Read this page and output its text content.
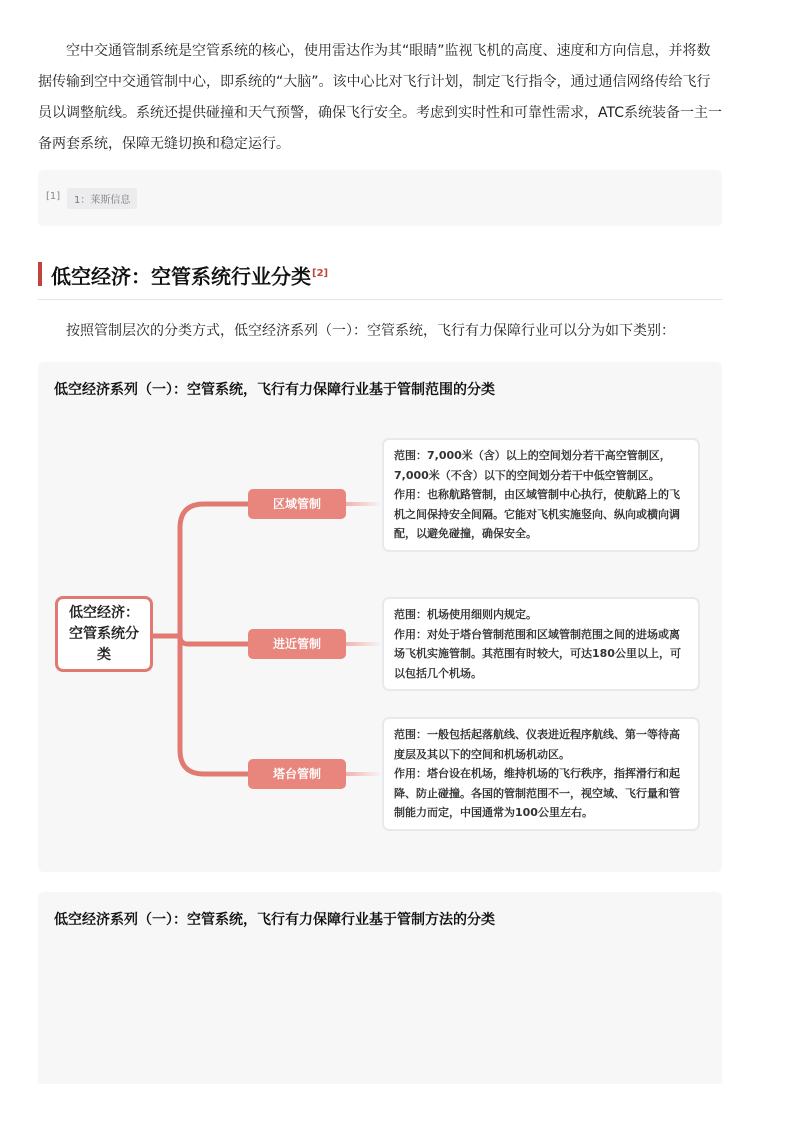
空中交通管制系统是空管系统的核心，使用雷达作为其“眼睛”监视飞机的高度、速度和方向信息，并将数据传输到空中交通管制中心，即系统的“大脑”。该中心比对飞行计划，制定飞行指令，通过通信网络传给飞行员以调整航线。系统还提供碰撞和天气预警，确保飞行安全。考虑到实时性和可靠性需求，ATC系统装备一主一备两套系统，保障无缝切换和稳定运行。

[1]	1：莱斯信息
低空经济：空管系统行业分类[2]

按照管制层次的分类方式，低空经济系列（一）：空管系统，飞行有力保障行业可以分为如下类别：

低空经济系列（一）：空管系统，飞行有力保障行业基于管制范围的分类
低空经济：空管系统分类
区域管制
进近管制
塔台管制

范围：7,000米（含）以上的空间划分若干高空管制区，7,000米（不含）以下的空间划分若干中低空管制区。

作用：也称航路管制，由区域管制中心执行，使航路上的飞机之间保持安全间隔。它能对飞机实施竖向、纵向或横向调配，以避免碰撞，确保安全。

范围：机场使用细则内规定。

作用：对处于塔台管制范围和区域管制范围之间的进场或离场飞机实施管制。其范围有时较大，可达180公里以上，可以包括几个机场。

范围：一般包括起落航线、仪表进近程序航线、第一等待高度层及其以下的空间和机场机动区。

作用：塔台设在机场，维持机场的飞行秩序，指挥滑行和起降、防止碰撞。各国的管制范围不一，视空域、飞行量和管制能力而定，中国通常为100公里左右。

低空经济系列（一）：空管系统，飞行有力保障行业基于管制方法的分类
